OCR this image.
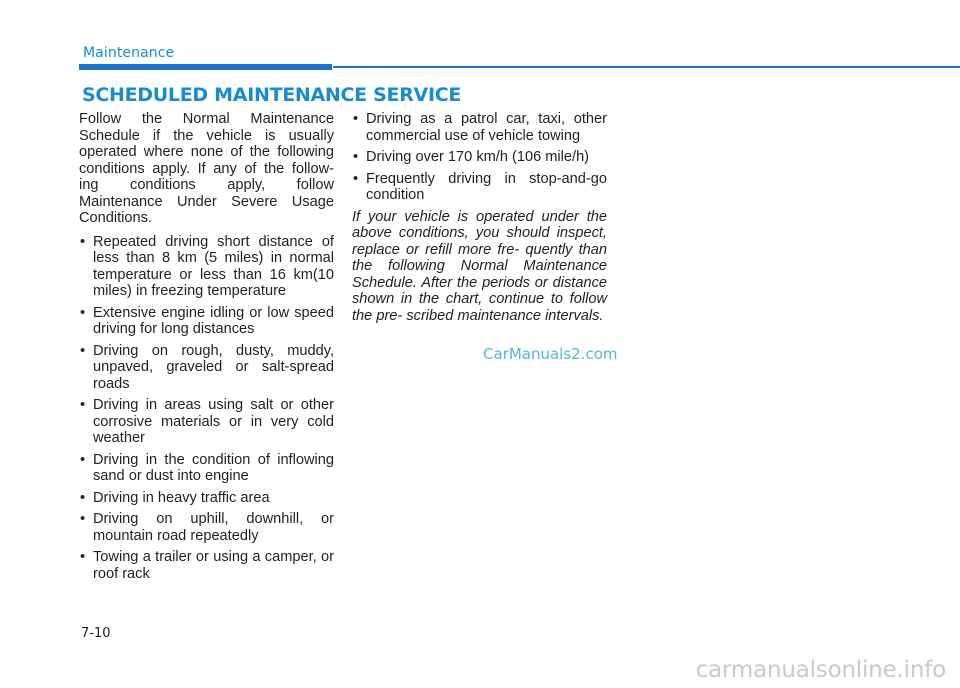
Maintenance
SCHEDULED MAINTENANCE SERVICE

Follow the Normal Maintenance Schedule if the vehicle is usually operated where none of the following conditions apply. If any of the follow- ing conditions apply, follow Maintenance Under Severe Usage Conditions.

• Repeated driving short distance of less than 8 km (5 miles) in normal temperature or less than 16 km(10 miles) in freezing temperature
• Extensive engine idling or low speed driving for long distances
• Driving on rough, dusty, muddy, unpaved, graveled or salt-spread roads
• Driving in areas using salt or other corrosive materials or in very cold weather
• Driving in the condition of inflowing sand or dust into engine
• Driving in heavy traffic area
• Driving on uphill, downhill, or mountain road repeatedly
• Towing a trailer or using a camper, or roof rack
• Driving as a patrol car, taxi, other commercial use of vehicle towing
• Driving over 170 km/h (106 mile/h)
• Frequently driving in stop-and-go condition

If your vehicle is operated under the above conditions, you should inspect, replace or refill more fre- quently than the following Normal Maintenance Schedule. After the periods or distance shown in the chart, continue to follow the pre- scribed maintenance intervals.

CarManuals2.com
7-10
carmanualsonline.info
